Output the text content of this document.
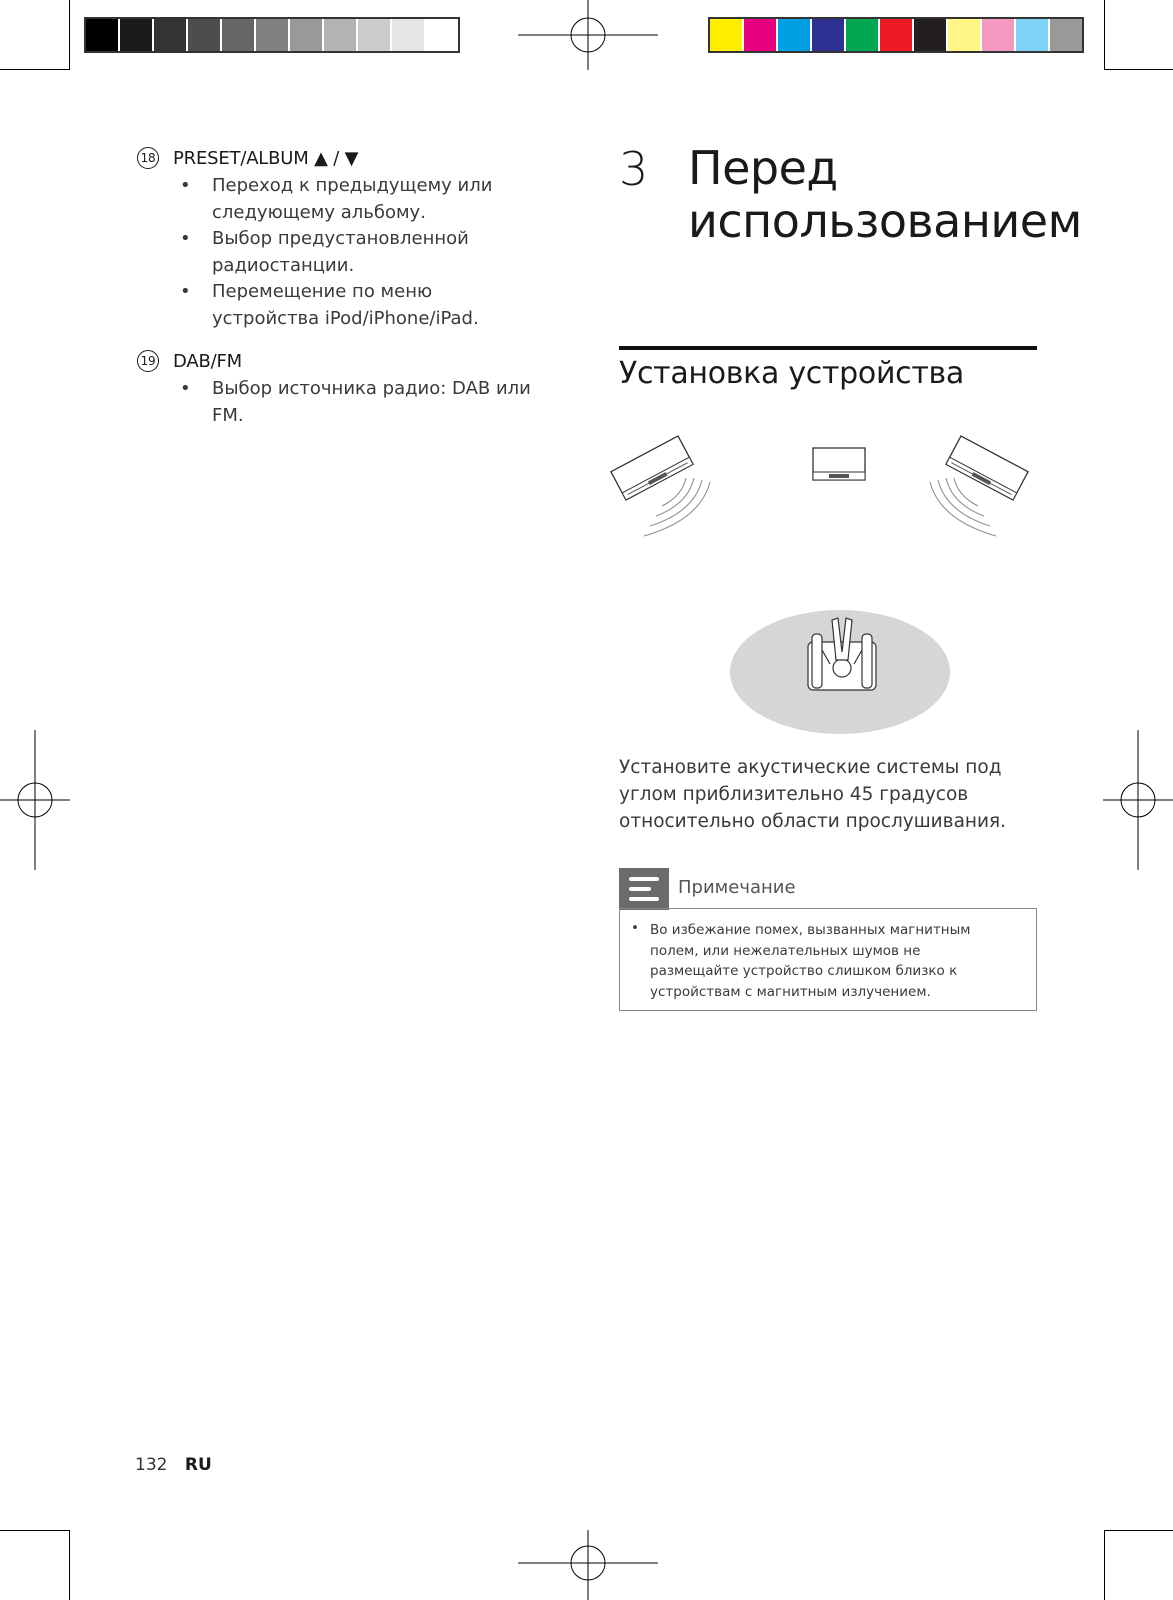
18 PRESET/ALBUM ▲ / ▼
• Переход к предыдущему или следующему альбому.
• Выбор предустановленной радиостанции.
• Перемещение по меню устройства iPod/iPhone/iPad.
19 DAB/FM
• Выбор источника радио: DAB или FM.
3 Перед использованием
Установка устройства
Установите акустические системы под углом приблизительно 45 градусов относительно области прослушивания.
Примечание
• Во избежание помех, вызванных магнитным полем, или нежелательных шумов не размещайте устройство слишком близко к устройствам с магнитным излучением.
132 RU
